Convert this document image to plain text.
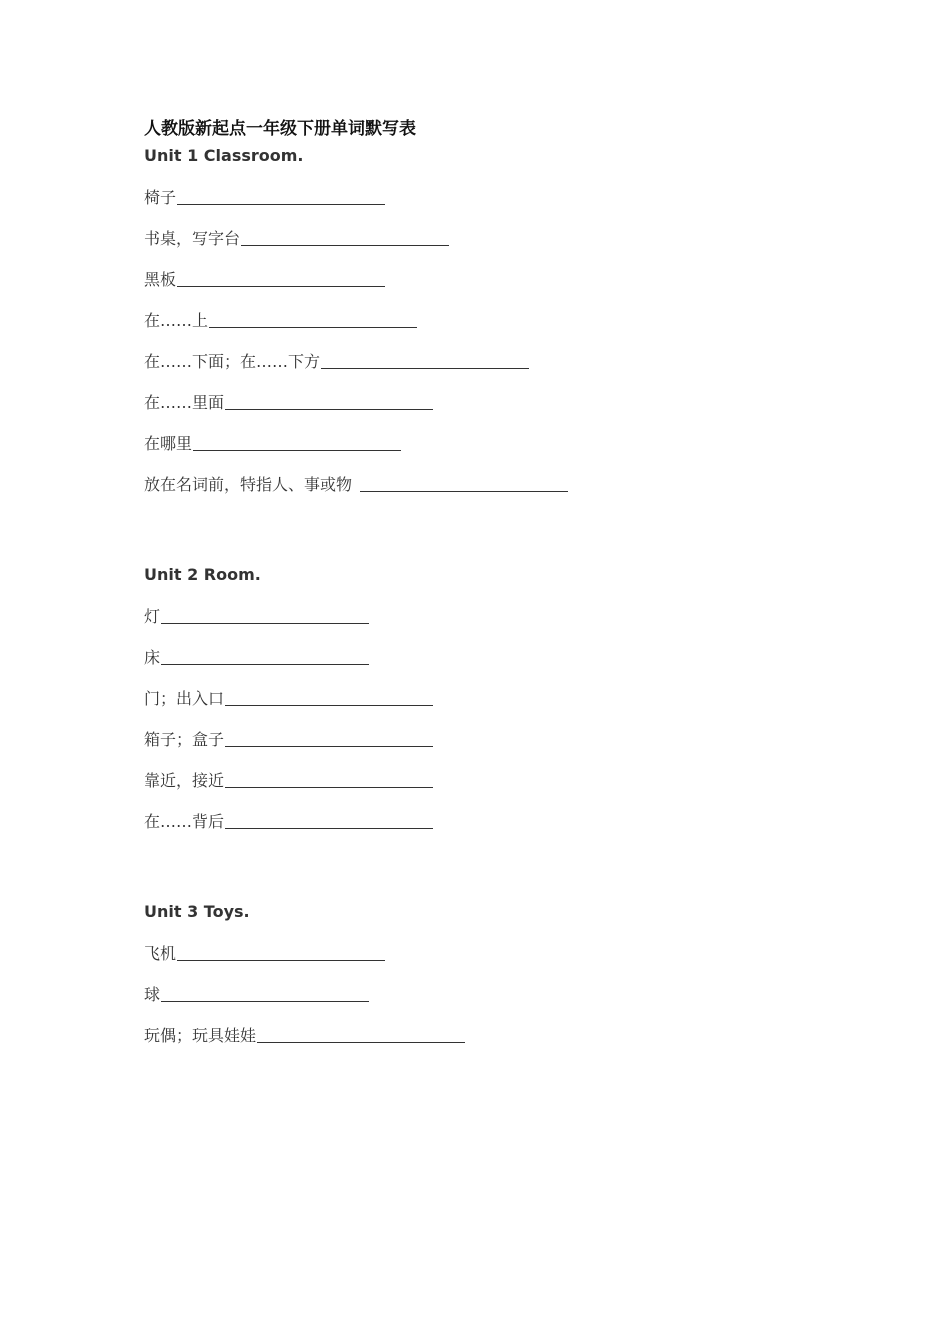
人教版新起点一年级下册单词默写表
Unit 1 Classroom.
椅子
书桌，写字台
黑板
在……上
在……下面；在……下方
在……里面
在哪里
放在名词前，特指人、事或物
Unit 2 Room.
灯
床
门；出入口
箱子；盒子
靠近，接近
在……背后
Unit 3 Toys.
飞机
球
玩偶；玩具娃娃
